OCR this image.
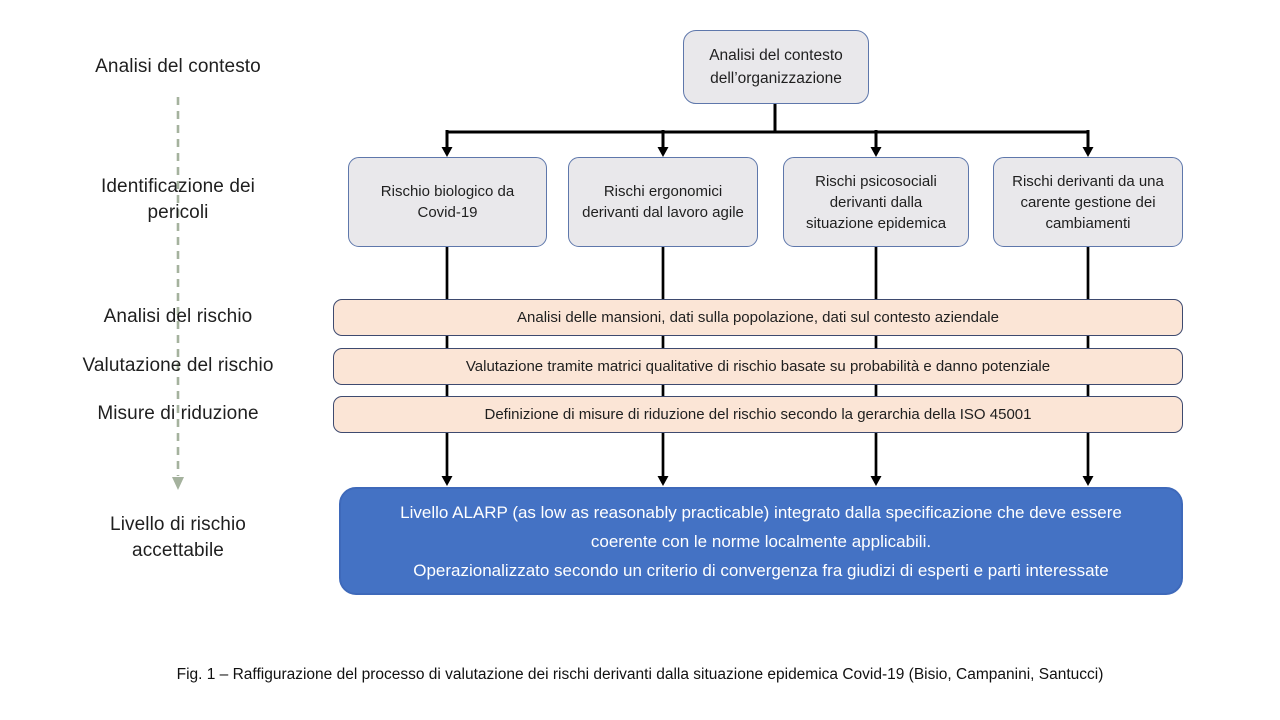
Analisi del contesto
Identificazione dei pericoli
Analisi del rischio
Valutazione del rischio
Misure di riduzione
Livello di rischio accettabile
Analisi del contesto dell’organizzazione
Rischio biologico da Covid-19
Rischi ergonomici derivanti dal lavoro agile
Rischi psicosociali derivanti dalla situazione epidemica
Rischi derivanti da una carente gestione dei cambiamenti
Analisi delle mansioni, dati sulla popolazione, dati sul contesto aziendale
Valutazione tramite matrici qualitative di rischio basate su probabilità e danno potenziale
Definizione di misure di riduzione del rischio secondo la gerarchia della ISO 45001
Livello ALARP (as low as reasonably practicable) integrato dalla specificazione che deve essere
coerente con le norme localmente applicabili.
Operazionalizzato secondo un criterio di convergenza fra giudizi di esperti e parti interessate
Fig. 1 – Raffigurazione del processo di valutazione dei rischi derivanti dalla situazione epidemica Covid-19 (Bisio, Campanini, Santucci)
